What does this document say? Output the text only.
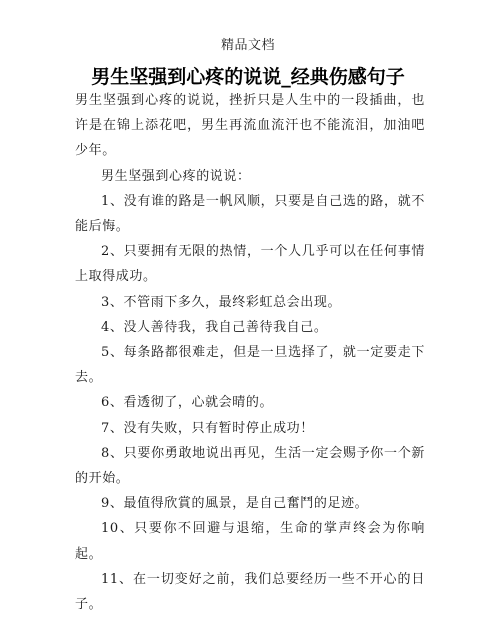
精品文档
男生坚强到心疼的说说_经典伤感句子

男生坚强到心疼的说说，挫折只是人生中的一段插曲，也许是在锦上添花吧，男生再流血流汗也不能流泪，加油吧少年。

男生坚强到心疼的说说：

1、没有谁的路是一帆风顺，只要是自己选的路，就不能后悔。

2、只要拥有无限的热情，一个人几乎可以在任何事情上取得成功。

3、不管雨下多久，最终彩虹总会出现。

4、没人善待我，我自己善待我自己。

5、每条路都很难走，但是一旦选择了，就一定要走下去。

6、看透彻了，心就会晴的。

7、没有失败，只有暂时停止成功！

8、只要你勇敢地说出再见，生活一定会赐予你一个新的开始。

9、最值得欣賞的風景，是自己奮鬥的足迹。

10、只要你不回避与退缩，生命的掌声终会为你响起。

11、在一切变好之前，我们总要经历一些不开心的日子。
